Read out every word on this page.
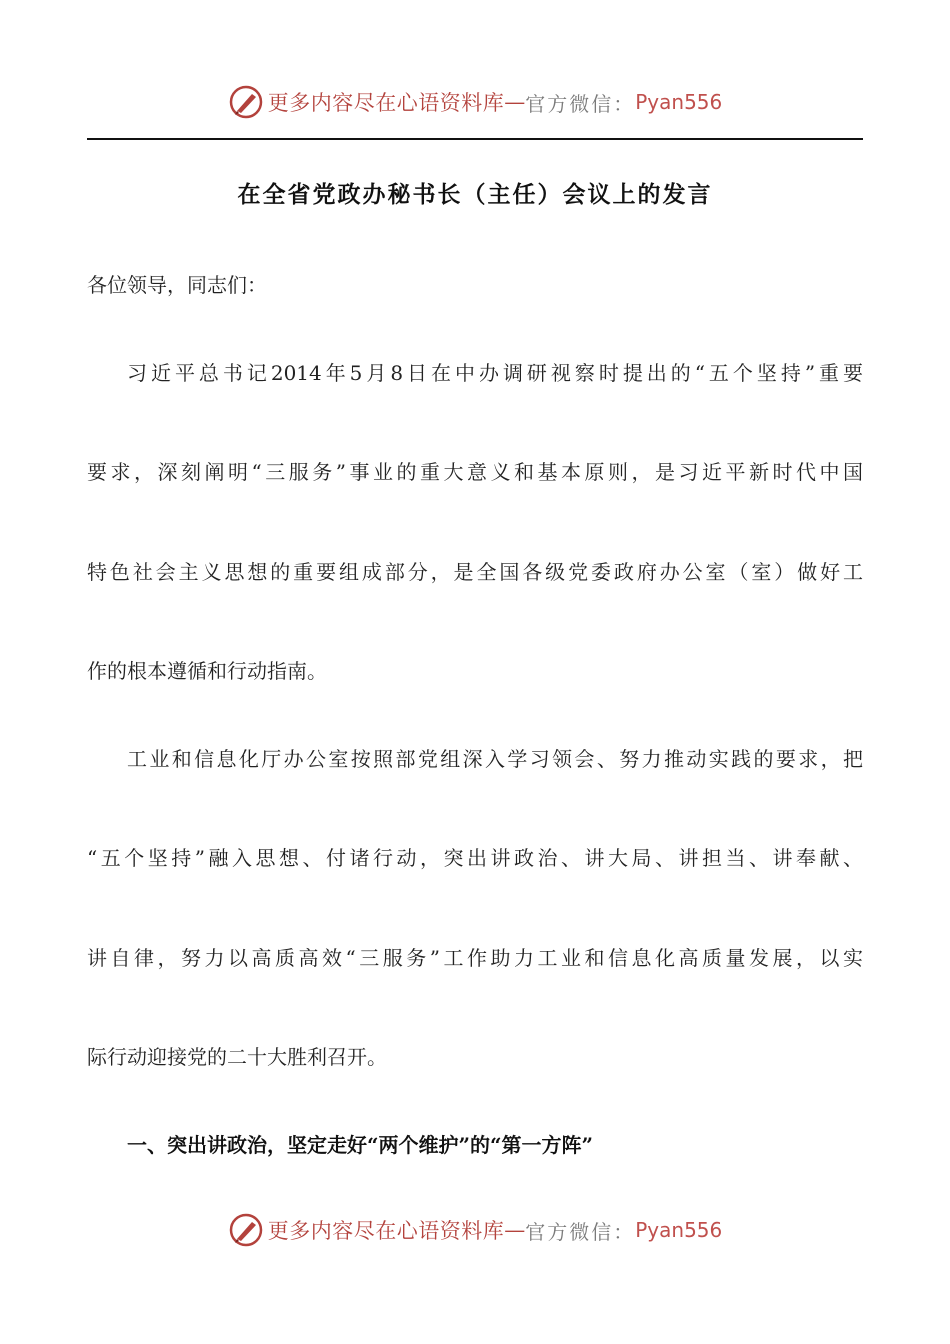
更多内容尽在心语资料库 — 官方微信： Pyan556
在全省党政办秘书长（主任）会议上的发言
各位领导，同志们：
习近平总书记2014年5月8日在中办调研视察时提出的“五个坚持”重要
要求，深刻阐明“三服务”事业的重大意义和基本原则，是习近平新时代中国
特色社会主义思想的重要组成部分，是全国各级党委政府办公室（室）做好工
作的根本遵循和行动指南。
工业和信息化厅办公室按照部党组深入学习领会、努力推动实践的要求，把
“五个坚持”融入思想、付诸行动，突出讲政治、讲大局、讲担当、讲奉献、
讲自律，努力以高质高效“三服务”工作助力工业和信息化高质量发展，以实
际行动迎接党的二十大胜利召开。
一、突出讲政治，坚定走好“两个维护”的“第一方阵”
更多内容尽在心语资料库 — 官方微信： Pyan556
